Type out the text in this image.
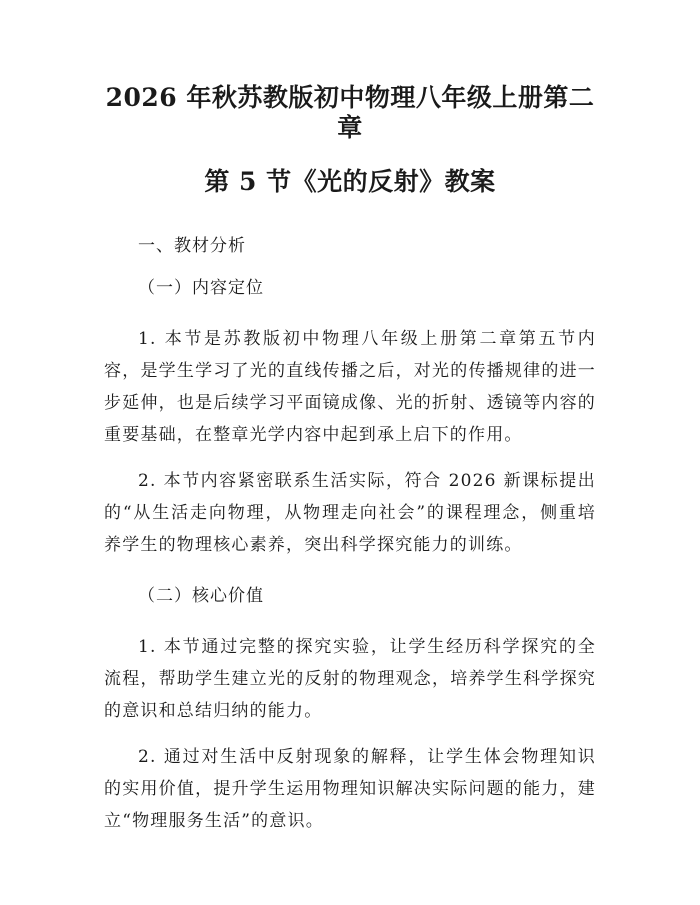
2026 年秋苏教版初中物理八年级上册第二章
第 5 节《光的反射》教案

一、教材分析

（一）内容定位

1. 本节是苏教版初中物理八年级上册第二章第五节内容，是学生学习了光的直线传播之后，对光的传播规律的进一步延伸，也是后续学习平面镜成像、光的折射、透镜等内容的重要基础，在整章光学内容中起到承上启下的作用。

2. 本节内容紧密联系生活实际，符合 2026 新课标提出的“从生活走向物理，从物理走向社会”的课程理念，侧重培养学生的物理核心素养，突出科学探究能力的训练。

（二）核心价值

1. 本节通过完整的探究实验，让学生经历科学探究的全流程，帮助学生建立光的反射的物理观念，培养学生科学探究的意识和总结归纳的能力。

2. 通过对生活中反射现象的解释，让学生体会物理知识的实用价值，提升学生运用物理知识解决实际问题的能力，建立“物理服务生活”的意识。
